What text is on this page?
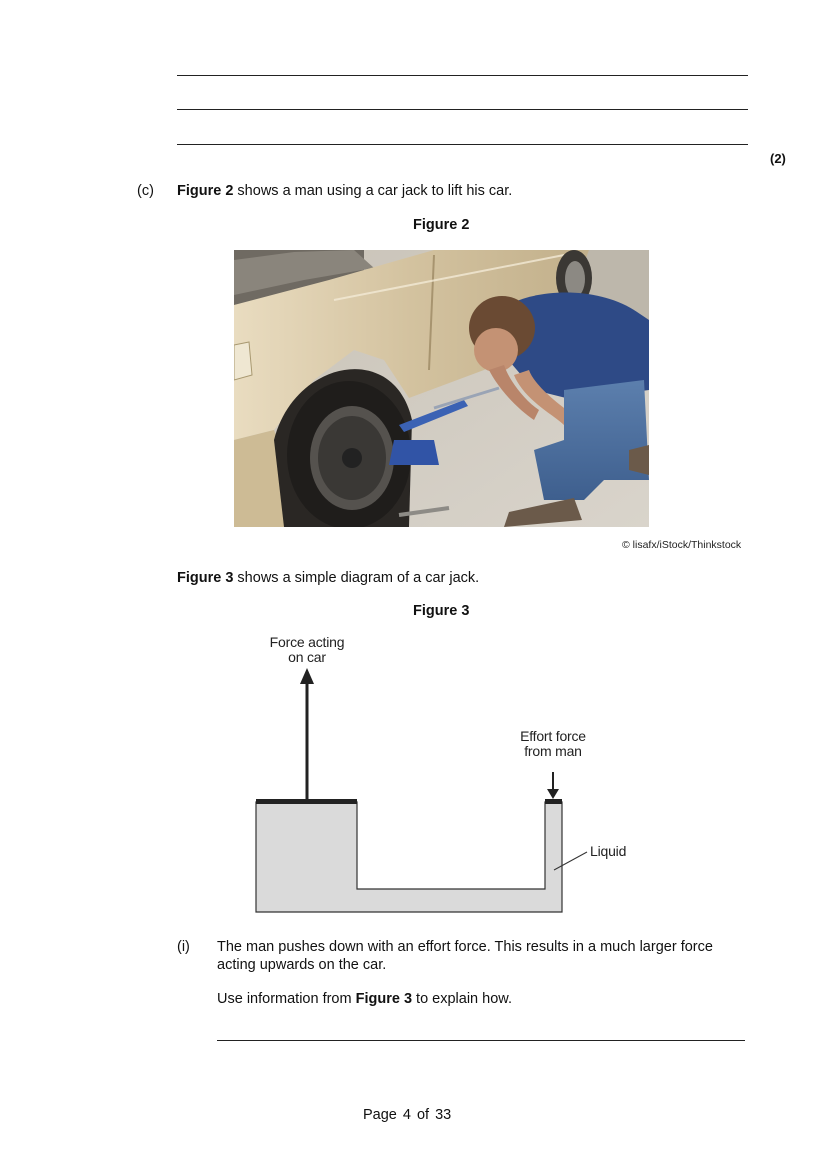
(2)
(c) Figure 2 shows a man using a car jack to lift his car.
Figure 2
© lisafx/iStock/Thinkstock
Figure 3 shows a simple diagram of a car jack.
Figure 3
Force acting
on car
Effort force
from man
Liquid
(i) The man pushes down with an effort force. This results in a much larger force
acting upwards on the car.
Use information from Figure 3 to explain how.
Page 4 of 33
